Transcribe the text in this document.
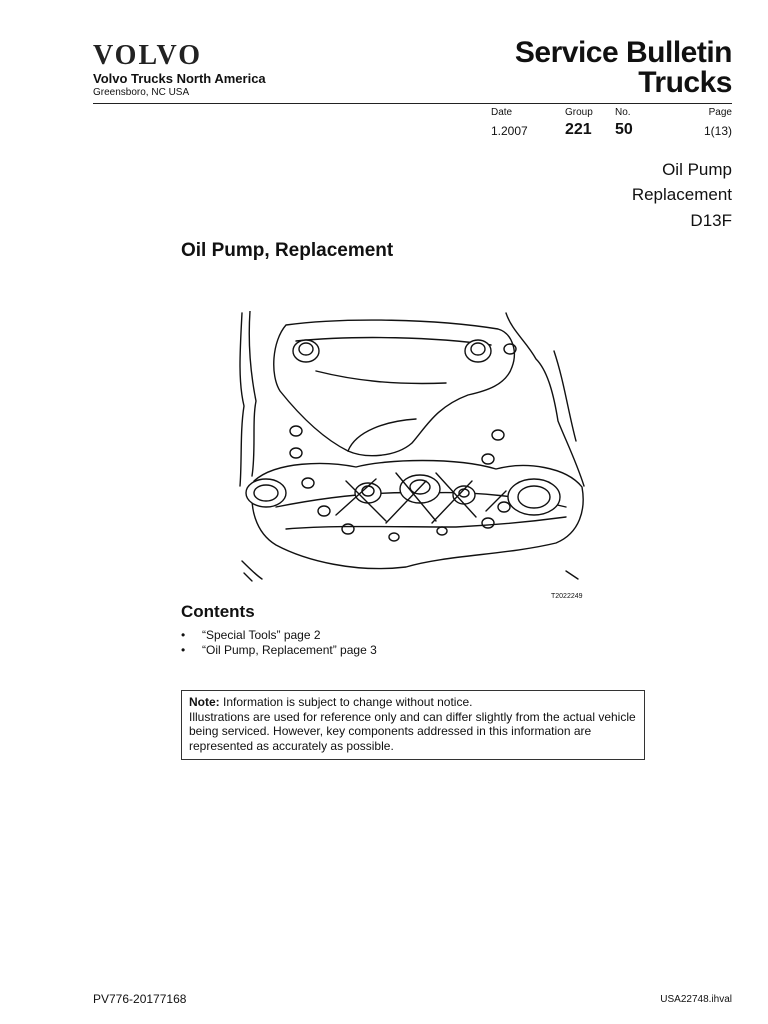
VOLVO
Volvo Trucks North America
Greensboro, NC USA
Service Bulletin
Trucks
Date	Group No.	Page
1.2007 221 50	1(13)
Oil Pump
Replacement
D13F
Oil Pump, Replacement
T2022249
Contents
• “Special Tools” page 2
• “Oil Pump, Replacement” page 3
Note: Information is subject to change without notice.
Illustrations are used for reference only and can differ slightly from the actual vehicle being serviced. However, key components addressed in this information are represented as accurately as possible.
PV776-20177168	USA22748.ihval
